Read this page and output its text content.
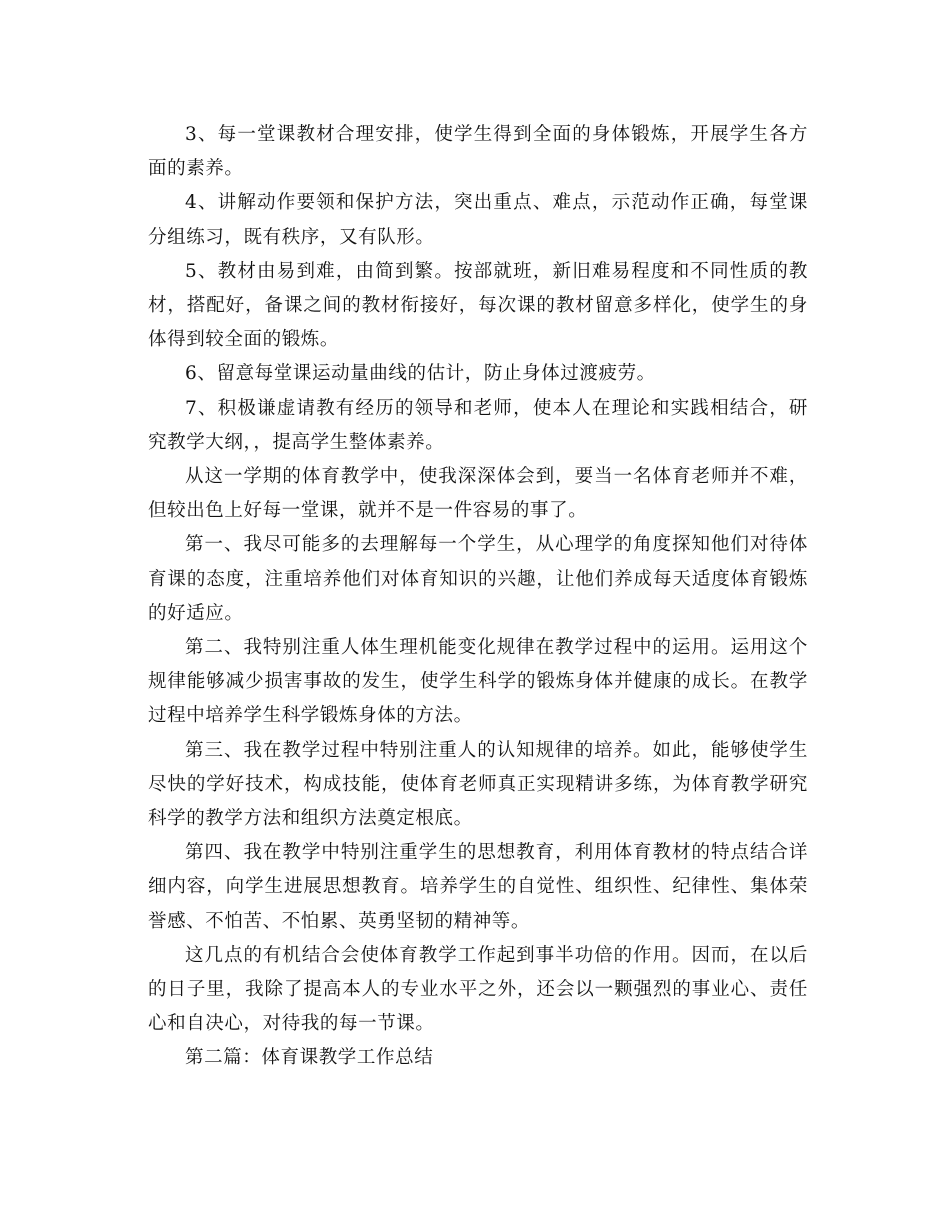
3、每一堂课教材合理安排，使学生得到全面的身体锻炼，开展学生各方面的素养。

4、讲解动作要领和保护方法，突出重点、难点，示范动作正确，每堂课分组练习，既有秩序，又有队形。

5、教材由易到难，由简到繁。按部就班，新旧难易程度和不同性质的教材，搭配好，备课之间的教材衔接好，每次课的教材留意多样化，使学生的身体得到较全面的锻炼。

6、留意每堂课运动量曲线的估计，防止身体过渡疲劳。

7、积极谦虚请教有经历的领导和老师，使本人在理论和实践相结合，研究教学大纲，，提高学生整体素养。

从这一学期的体育教学中，使我深深体会到，要当一名体育老师并不难，但较出色上好每一堂课，就并不是一件容易的事了。

第一、我尽可能多的去理解每一个学生，从心理学的角度探知他们对待体育课的态度，注重培养他们对体育知识的兴趣，让他们养成每天适度体育锻炼的好适应。

第二、我特别注重人体生理机能变化规律在教学过程中的运用。运用这个规律能够减少损害事故的发生，使学生科学的锻炼身体并健康的成长。在教学过程中培养学生科学锻炼身体的方法。

第三、我在教学过程中特别注重人的认知规律的培养。如此，能够使学生尽快的学好技术，构成技能，使体育老师真正实现精讲多练，为体育教学研究科学的教学方法和组织方法奠定根底。

第四、我在教学中特别注重学生的思想教育，利用体育教材的特点结合详细内容，向学生进展思想教育。培养学生的自觉性、组织性、纪律性、集体荣誉感、不怕苦、不怕累、英勇坚韧的精神等。

这几点的有机结合会使体育教学工作起到事半功倍的作用。因而，在以后的日子里，我除了提高本人的专业水平之外，还会以一颗强烈的事业心、责任心和自决心，对待我的每一节课。

第二篇：体育课教学工作总结
